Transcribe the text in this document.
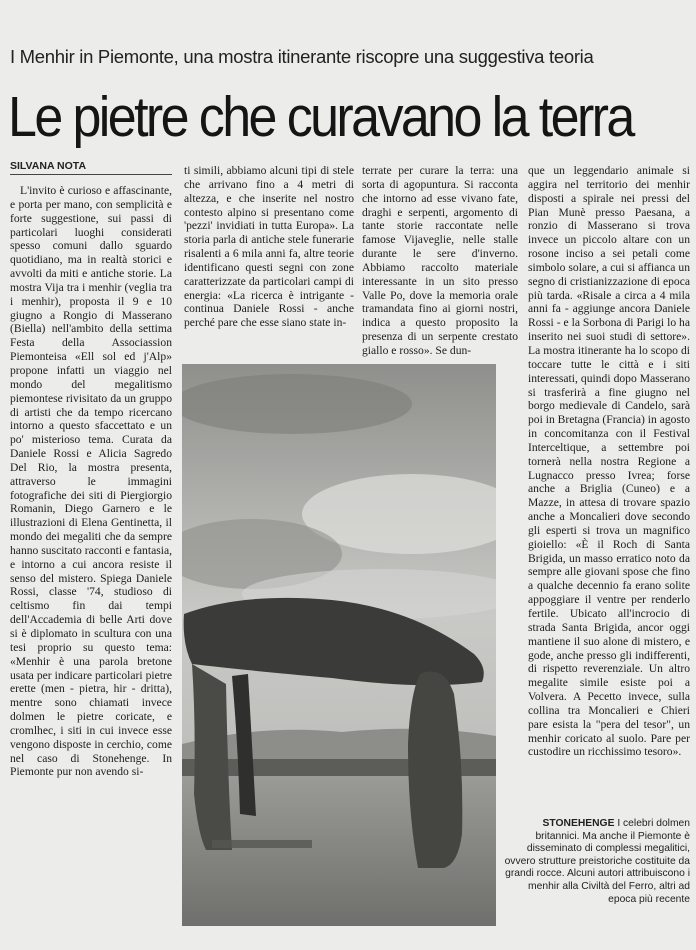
I Menhir in Piemonte, una mostra itinerante riscopre una suggestiva teoria
Le pietre che curavano la terra
SILVANA NOTA

L'invito è curioso e affascinante, e porta per mano, con semplicità e forte suggestione, sui passi di particolari luoghi considerati spesso comuni dallo sguardo quotidiano, ma in realtà storici e avvolti da miti e antiche storie. La mostra Vija tra i menhir (veglia tra i menhir), proposta il 9 e 10 giugno a Rongio di Masserano (Biella) nell'ambito della settima Festa della Associassion Piemonteisa «Ell sol ed j'Alp» propone infatti un viaggio nel mondo del megalitismo piemontese rivisitato da un gruppo di artisti che da tempo ricercano intorno a questo sfaccettato e un po' misterioso tema. Curata da Daniele Rossi e Alicia Sagredo Del Rio, la mostra presenta, attraverso le immagini fotografiche dei siti di Piergiorgio Romanin, Diego Garnero e le illustrazioni di Elena Gentinetta, il mondo dei megaliti che da sempre hanno suscitato racconti e fantasia, e intorno a cui ancora resiste il senso del mistero. Spiega Daniele Rossi, classe '74, studioso di celtismo fin dai tempi dell'Accademia di belle Arti dove si è diplomato in scultura con una tesi proprio su questo tema: «Menhir è una parola bretone usata per indicare particolari pietre erette (men - pietra, hir - dritta), mentre sono chiamati invece dolmen le pietre coricate, e cromlhec, i siti in cui invece esse vengono disposte in cerchio, come nel caso di Stonehenge. In Piemonte pur non avendo si-

ti simili, abbiamo alcuni tipi di stele che arrivano fino a 4 metri di altezza, e che inserite nel nostro contesto alpino si presentano come 'pezzi' invidiati in tutta Europa». La storia parla di antiche stele funerarie risalenti a 6 mila anni fa, altre teorie identificano questi segni con zone caratterizzate da particolari campi di energia: «La ricerca è intrigante - continua Daniele Rossi - anche perché pare che esse siano state in-

terrate per curare la terra: una sorta di agopuntura. Si racconta che intorno ad esse vivano fate, draghi e serpenti, argomento di tante storie raccontate nelle famose Vijaveglie, nelle stalle durante le sere d'inverno. Abbiamo raccolto materiale interessante in un sito presso Valle Po, dove la memoria orale tramandata fino ai giorni nostri, indica a questo proposito la presenza di un serpente crestato giallo e rosso». Se dun-

que un leggendario animale si aggira nel territorio dei menhir disposti a spirale nei pressi del Pian Munè presso Paesana, a ronzio di Masserano si trova invece un piccolo altare con un rosone inciso a sei petali come simbolo solare, a cui si affianca un segno di cristianizzazione di epoca più tarda. «Risale a circa a 4 mila anni fa - aggiunge ancora Daniele Rossi - e la Sorbona di Parigi lo ha inserito nei suoi studi di settore». La mostra itinerante ha lo scopo di toccare tutte le città e i siti interessati, quindi dopo Masserano si trasferirà a fine giugno nel borgo medievale di Candelo, sarà poi in Bretagna (Francia) in agosto in concomitanza con il Festival Interceltique, a settembre poi tornerà nella nostra Regione a Lugnacco presso Ivrea; forse anche a Briglia (Cuneo) e a Mazze, in attesa di trovare spazio anche a Moncalieri dove secondo gli esperti si trova un magnifico gioiello: «È il Roch di Santa Brigida, un masso erratico noto da sempre alle giovani spose che fino a qualche decennio fa erano solite appoggiare il ventre per renderlo fertile. Ubicato all'incrocio di strada Santa Brigida, ancor oggi mantiene il suo alone di mistero, e gode, anche presso gli indifferenti, di rispetto reverenziale. Un altro megalite simile esiste poi a Volvera. A Pecetto invece, sulla collina tra Moncalieri e Chieri pare esista la "pera del tesor", un menhir coricato al suolo. Pare per custodire un ricchissimo tesoro».

STONEHENGE I celebri dolmen britannici. Ma anche il Piemonte è disseminato di complessi megalitici, ovvero strutture preistoriche costituite da grandi rocce. Alcuni autori attribuiscono i menhir alla Civiltà del Ferro, altri ad epoca più recente
